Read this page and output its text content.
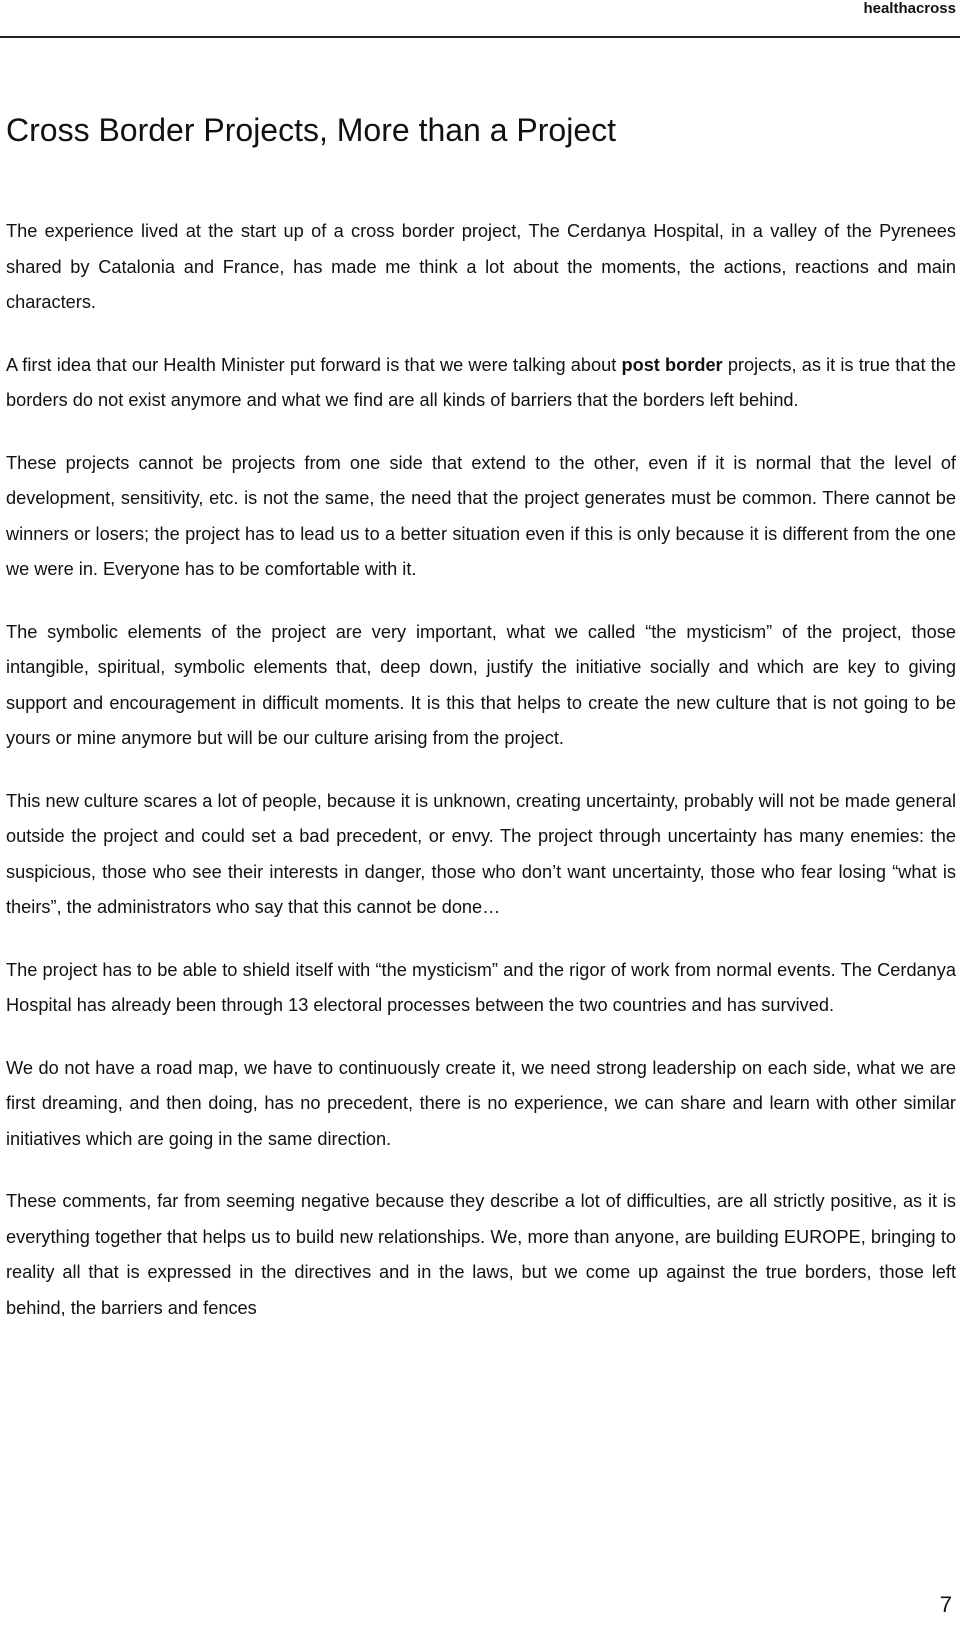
healthacross
Cross Border Projects, More than a Project

The experience lived at the start up of a cross border project, The Cerdanya Hospital, in a valley of the Pyrenees shared by Catalonia and France, has made me think a lot about the moments, the actions, reactions and main characters.

A first idea that our Health Minister put forward is that we were talking about post border projects, as it is true that the borders do not exist anymore and what we find are all kinds of barriers that the borders left behind.

These projects cannot be projects from one side that extend to the other, even if it is normal that the level of development, sensitivity, etc. is not the same, the need that the project generates must be common. There cannot be winners or losers; the project has to lead us to a better situation even if this is only because it is different from the one we were in. Everyone has to be comfortable with it.

The symbolic elements of the project are very important, what we called “the mysticism” of the project, those intangible, spiritual, symbolic elements that, deep down, justify the initiative socially and which are key to giving support and encouragement in difficult moments. It is this that helps to create the new culture that is not going to be yours or mine anymore but will be our culture arising from the project.

This new culture scares a lot of people, because it is unknown, creating uncertainty, probably will not be made general outside the project and could set a bad precedent, or envy. The project through uncertainty has many enemies: the suspicious, those who see their interests in danger, those who don’t want uncertainty, those who fear losing “what is theirs”, the administrators who say that this cannot be done…

The project has to be able to shield itself with “the mysticism” and the rigor of work from normal events. The Cerdanya Hospital has already been through 13 electoral processes between the two countries and has survived.

We do not have a road map, we have to continuously create it, we need strong leadership on each side, what we are first dreaming, and then doing, has no precedent, there is no experience, we can share and learn with other similar initiatives which are going in the same direction.

These comments, far from seeming negative because they describe a lot of difficulties, are all strictly positive, as it is everything together that helps us to build new relationships. We, more than anyone, are building EUROPE, bringing to reality all that is expressed in the directives and in the laws, but we come up against the true borders, those left behind, the barriers and fences

7
